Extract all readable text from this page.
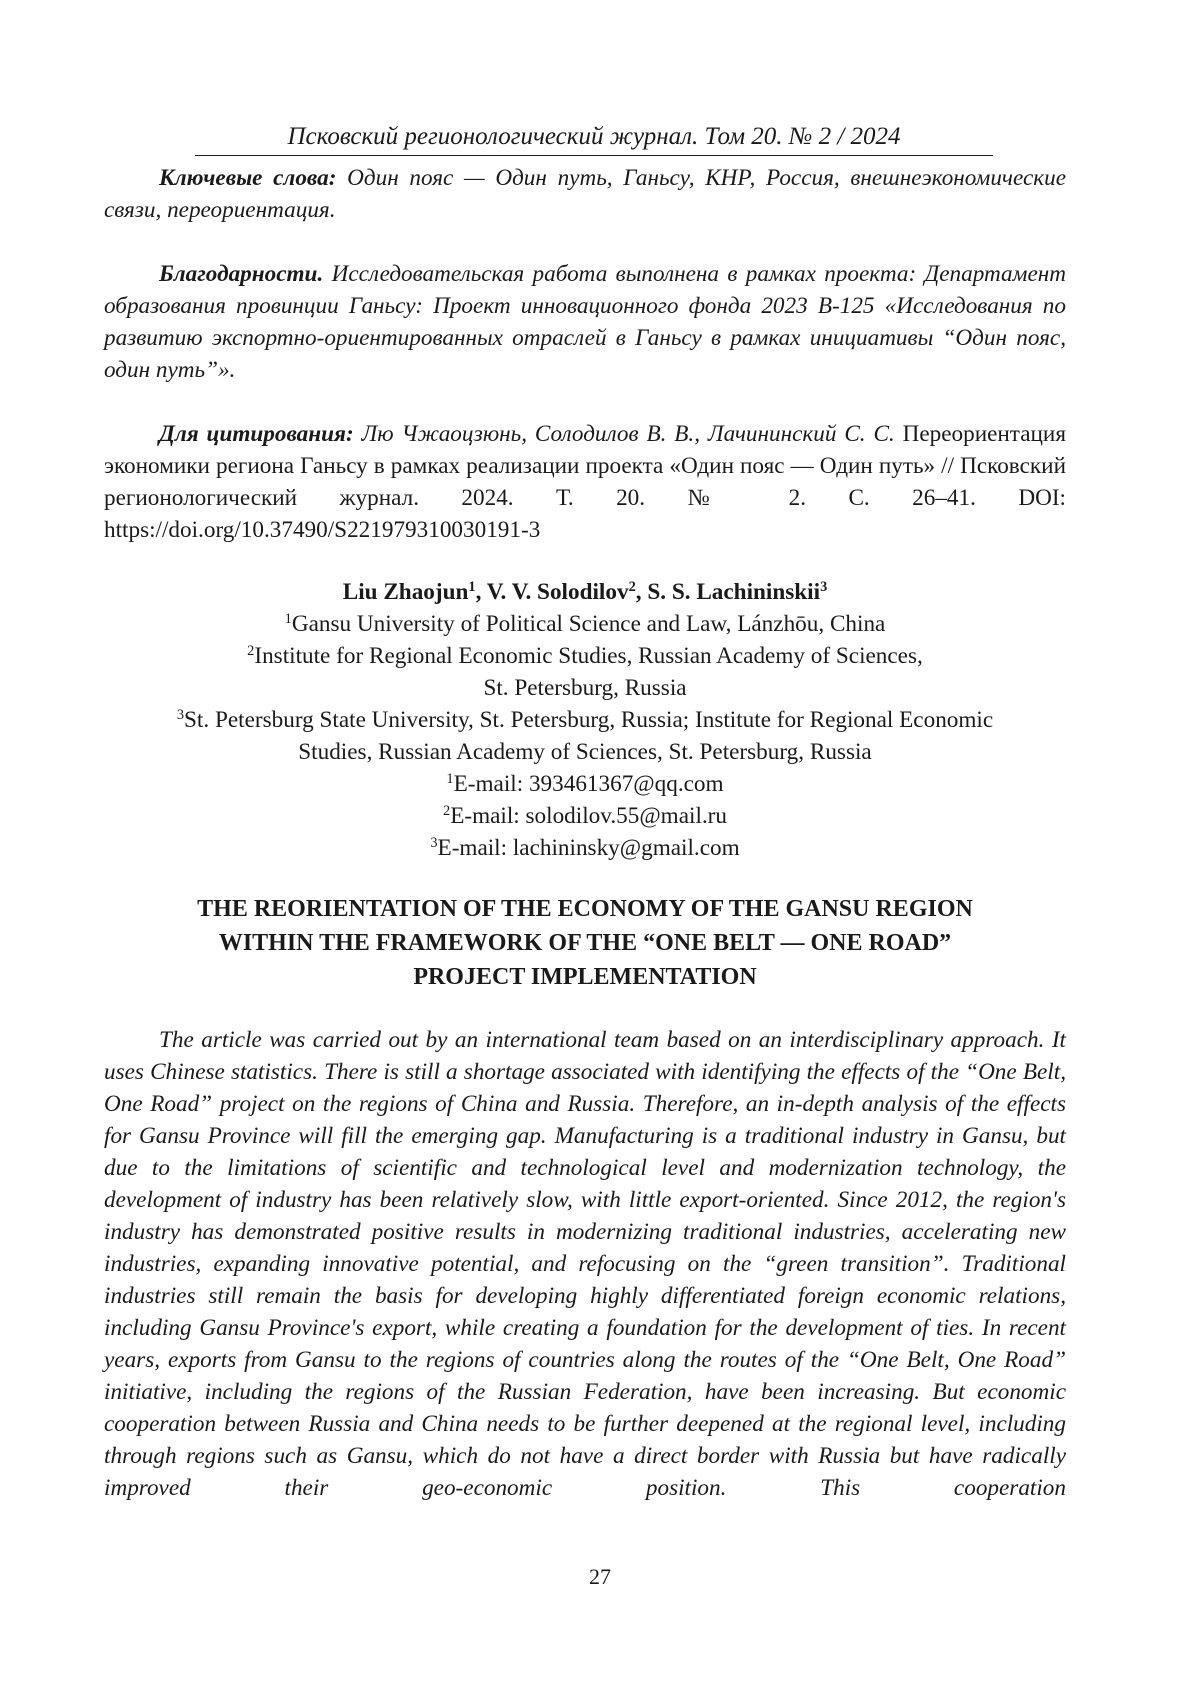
Псковский регионологический журнал. Том 20. № 2 / 2024

Ключевые слова: Один пояс — Один путь, Ганьсу, КНР, Россия, внешнеэкономические связи, переориентация.

Благодарности. Исследовательская работа выполнена в рамках проекта: Департамент образования провинции Ганьсу: Проект инновационного фонда 2023 В-125 «Исследования по развитию экспортно-ориентированных отраслей в Ганьсу в рамках инициативы “Один пояс, один путь”».

Для цитирования: Лю Чжаоцзюнь, Солодилов В. В., Лачининский С. С. Переориентация экономики региона Ганьсу в рамках реализации проекта «Один пояс — Один путь» // Псковский регионологический журнал. 2024. Т. 20. № 2. С. 26–41. DOI: https://doi.org/10.37490/S221979310030191-3

Liu Zhaojun$^1$, V. V. Solodilov$^2$, S. S. Lachininskii$^3$
$^1$Gansu University of Political Science and Law, Lánzhōu, China
$^2$Institute for Regional Economic Studies, Russian Academy of Sciences,
St. Petersburg, Russia
$^3$St. Petersburg State University, St. Petersburg, Russia; Institute for Regional Economic
Studies, Russian Academy of Sciences, St. Petersburg, Russia
$^1$E-mail: 393461367@qq.com
$^2$E-mail: solodilov.55@mail.ru
$^3$E-mail: lachininsky@gmail.com
THE REORIENTATION OF THE ECONOMY OF THE GANSU REGION
WITHIN THE FRAMEWORK OF THE “ONE BELT — ONE ROAD”
PROJECT IMPLEMENTATION

The article was carried out by an international team based on an interdisciplinary approach. It uses Chinese statistics. There is still a shortage associated with identifying the effects of the “One Belt, One Road” project on the regions of China and Russia. Therefore, an in-depth analysis of the effects for Gansu Province will fill the emerging gap. Manufacturing is a traditional industry in Gansu, but due to the limitations of scientific and technological level and modernization technology, the development of industry has been relatively slow, with little export-oriented. Since 2012, the region's industry has demonstrated positive results in modernizing traditional industries, accelerating new industries, expanding innovative potential, and refocusing on the “green transition”. Traditional industries still remain the basis for developing highly differentiated foreign economic relations, including Gansu Province's export, while creating a foundation for the development of ties. In recent years, exports from Gansu to the regions of countries along the routes of the “One Belt, One Road” initiative, including the regions of the Russian Federation, have been increasing. But economic cooperation between Russia and China needs to be further deepened at the regional level, including through regions such as Gansu, which do not have a direct border with Russia but have radically improved their geo-economic position. This cooperation

27
